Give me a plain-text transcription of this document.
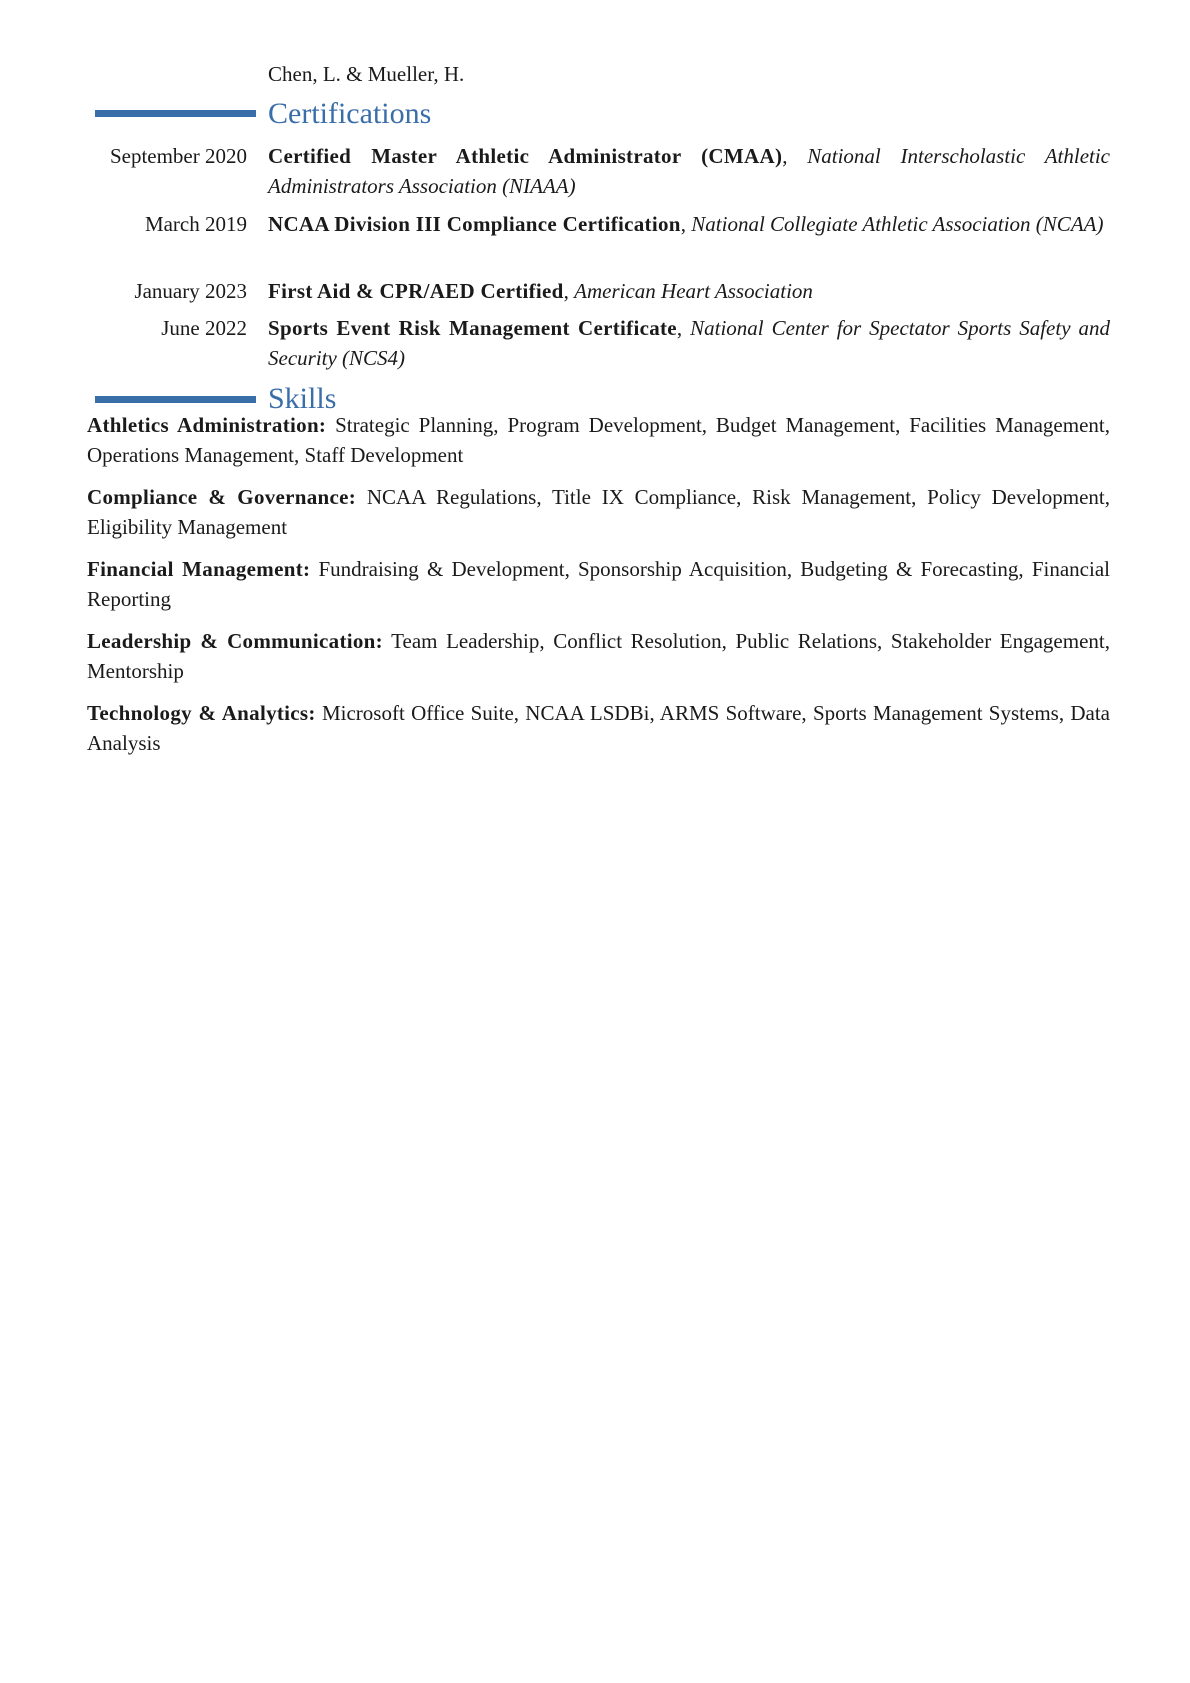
Chen, L. & Mueller, H.
Certifications
September 2020 Certified Master Athletic Administrator (CMAA), National Interscholastic Athletic Administrators Association (NIAAA)
March 2019 NCAA Division III Compliance Certification, National Collegiate Athletic Association (NCAA)
January 2023 First Aid & CPR/AED Certified, American Heart Association
June 2022 Sports Event Risk Management Certificate, National Center for Spectator Sports Safety and Security (NCS4)
Skills
Athletics Administration: Strategic Planning, Program Development, Budget Management, Facilities Management, Operations Management, Staff Development
Compliance & Governance: NCAA Regulations, Title IX Compliance, Risk Management, Policy Development, Eligibility Management
Financial Management: Fundraising & Development, Sponsorship Acquisition, Budgeting & Forecasting, Financial Reporting
Leadership & Communication: Team Leadership, Conflict Resolution, Public Relations, Stakeholder Engagement, Mentorship
Technology & Analytics: Microsoft Office Suite, NCAA LSDBi, ARMS Software, Sports Management Systems, Data Analysis
